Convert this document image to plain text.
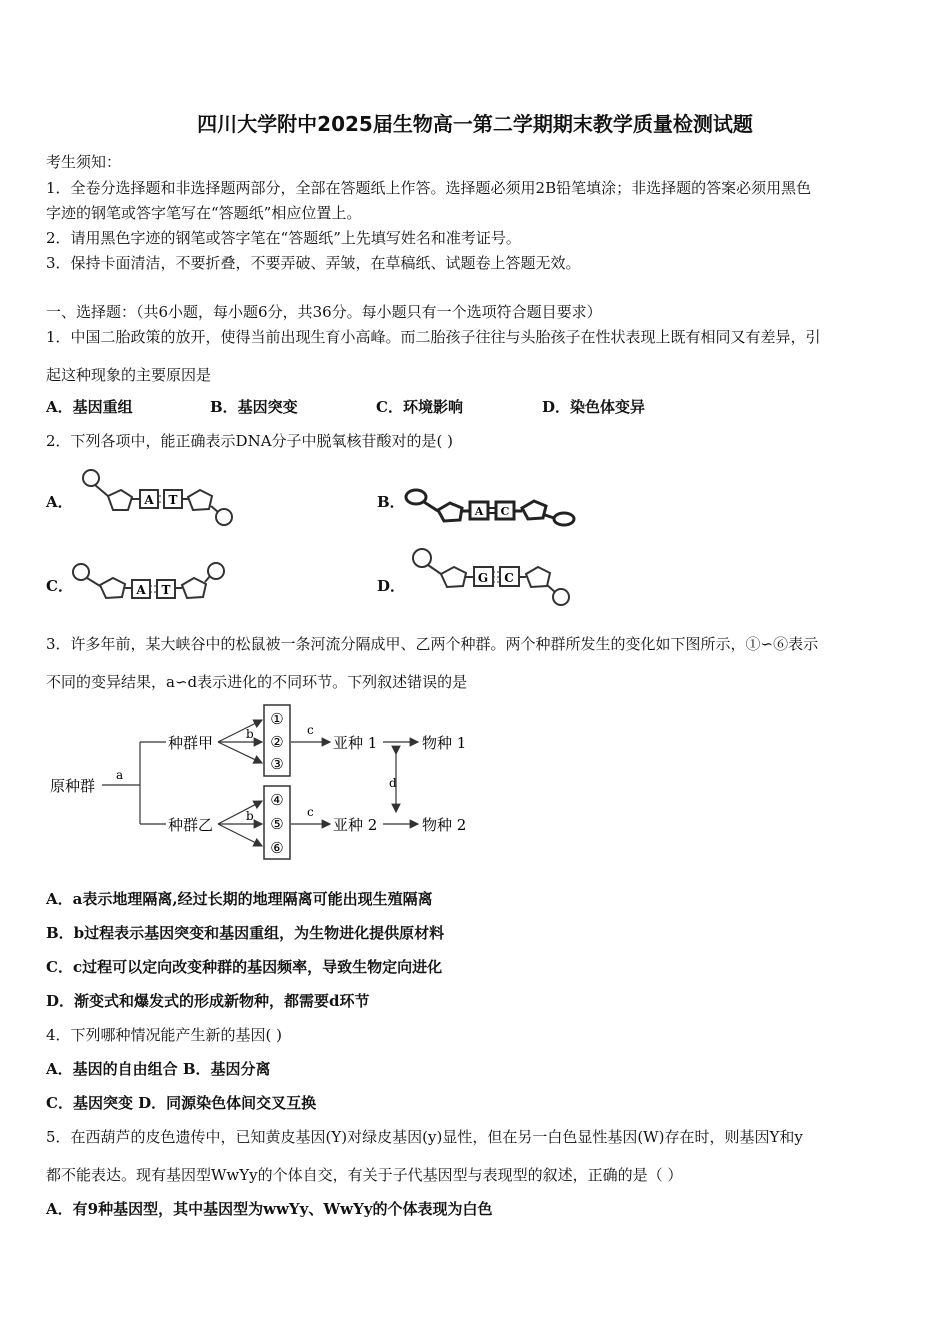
四川大学附中2025届生物高一第二学期期末教学质量检测试题
考生须知：
1．全卷分选择题和非选择题两部分，全部在答题纸上作答。选择题必须用2B铅笔填涂；非选择题的答案必须用黑色
字迹的钢笔或答字笔写在“答题纸”相应位置上。
2．请用黑色字迹的钢笔或答字笔在“答题纸”上先填写姓名和准考证号。
3．保持卡面清洁，不要折叠，不要弄破、弄皱，在草稿纸、试题卷上答题无效。
一、选择题：（共6小题，每小题6分，共36分。每小题只有一个选项符合题目要求）
1．中国二胎政策的放开，使得当前出现生育小高峰。而二胎孩子往往与头胎孩子在性状表现上既有相同又有差异，引
起这种现象的主要原因是
A．基因重组	B．基因突变	C．环境影响	D．染色体变异
2．下列各项中，能正确表示DNA分子中脱氧核苷酸对的是( )
A．	A T	B．
A C
C．	A T	D．	G C
3．许多年前，某大峡谷中的松鼠被一条河流分隔成甲、乙两个种群。两个种群所发生的变化如下图所示，①∽⑥表示
不同的变异结果，a∽d表示进化的不同环节。下列叙述错误的是
原种群
a
种群甲
种群乙
b
①
②
③
b
④
⑤
⑥
c
c
亚种 1
亚种 2
d
物种 1
物种 2
A．a表示地理隔离,经过长期的地理隔离可能出现生殖隔离
B．b过程表示基因突变和基因重组，为生物进化提供原材料
C．c过程可以定向改变种群的基因频率，导致生物定向进化
D．渐变式和爆发式的形成新物种，都需要d环节
4．下列哪种情况能产生新的基因( )
A．基因的自由组合 B．基因分离
C．基因突变 D．同源染色体间交叉互换
5．在西葫芦的皮色遗传中，已知黄皮基因(Y)对绿皮基因(y)显性，但在另一白色显性基因(W)存在时，则基因Y和y
都不能表达。现有基因型WwYy的个体自交，有关于子代基因型与表现型的叙述，正确的是（ ）
A．有9种基因型，其中基因型为wwYy、WwYy的个体表现为白色
